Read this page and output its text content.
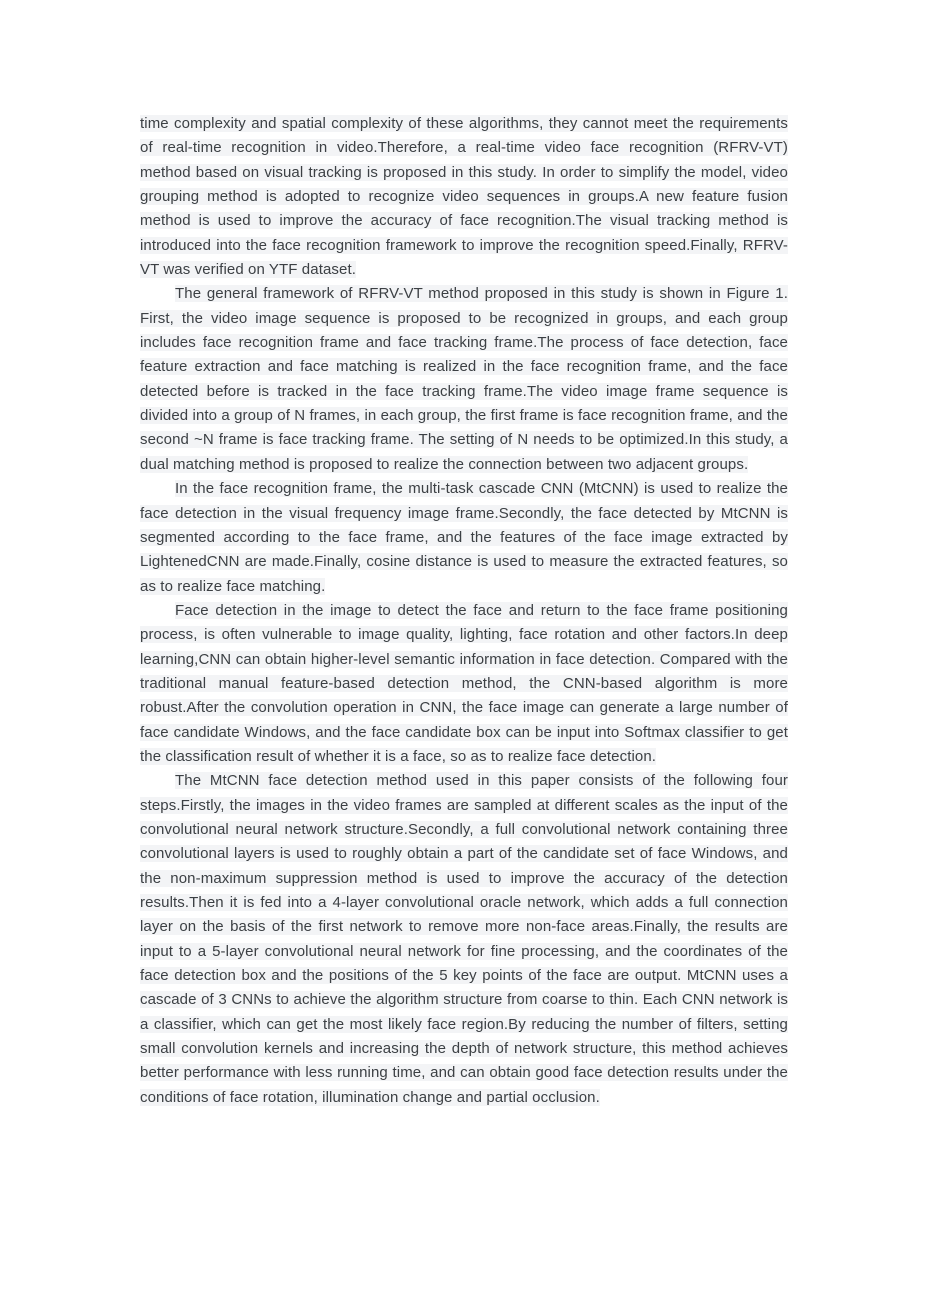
time complexity and spatial complexity of these algorithms, they cannot meet the requirements of real-time recognition in video.Therefore, a real-time video face recognition (RFRV-VT) method based on visual tracking is proposed in this study. In order to simplify the model, video grouping method is adopted to recognize video sequences in groups.A new feature fusion method is used to improve the accuracy of face recognition.The visual tracking method is introduced into the face recognition framework to improve the recognition speed.Finally, RFRV-VT was verified on YTF dataset.

The general framework of RFRV-VT method proposed in this study is shown in Figure 1. First, the video image sequence is proposed to be recognized in groups, and each group includes face recognition frame and face tracking frame.The process of face detection, face feature extraction and face matching is realized in the face recognition frame, and the face detected before is tracked in the face tracking frame.The video image frame sequence is divided into a group of N frames, in each group, the first frame is face recognition frame, and the second ~N frame is face tracking frame. The setting of N needs to be optimized.In this study, a dual matching method is proposed to realize the connection between two adjacent groups.

In the face recognition frame, the multi-task cascade CNN (MtCNN) is used to realize the face detection in the visual frequency image frame.Secondly, the face detected by MtCNN is segmented according to the face frame, and the features of the face image extracted by LightenedCNN are made.Finally, cosine distance is used to measure the extracted features, so as to realize face matching.

Face detection in the image to detect the face and return to the face frame positioning process, is often vulnerable to image quality, lighting, face rotation and other factors.In deep learning,CNN can obtain higher-level semantic information in face detection. Compared with the traditional manual feature-based detection method, the CNN-based algorithm is more robust.After the convolution operation in CNN, the face image can generate a large number of face candidate Windows, and the face candidate box can be input into Softmax classifier to get the classification result of whether it is a face, so as to realize face detection.

The MtCNN face detection method used in this paper consists of the following four steps.Firstly, the images in the video frames are sampled at different scales as the input of the convolutional neural network structure.Secondly, a full convolutional network containing three convolutional layers is used to roughly obtain a part of the candidate set of face Windows, and the non-maximum suppression method is used to improve the accuracy of the detection results.Then it is fed into a 4-layer convolutional oracle network, which adds a full connection layer on the basis of the first network to remove more non-face areas.Finally, the results are input to a 5-layer convolutional neural network for fine processing, and the coordinates of the face detection box and the positions of the 5 key points of the face are output. MtCNN uses a cascade of 3 CNNs to achieve the algorithm structure from coarse to thin. Each CNN network is a classifier, which can get the most likely face region.By reducing the number of filters, setting small convolution kernels and increasing the depth of network structure, this method achieves better performance with less running time, and can obtain good face detection results under the conditions of face rotation, illumination change and partial occlusion.
